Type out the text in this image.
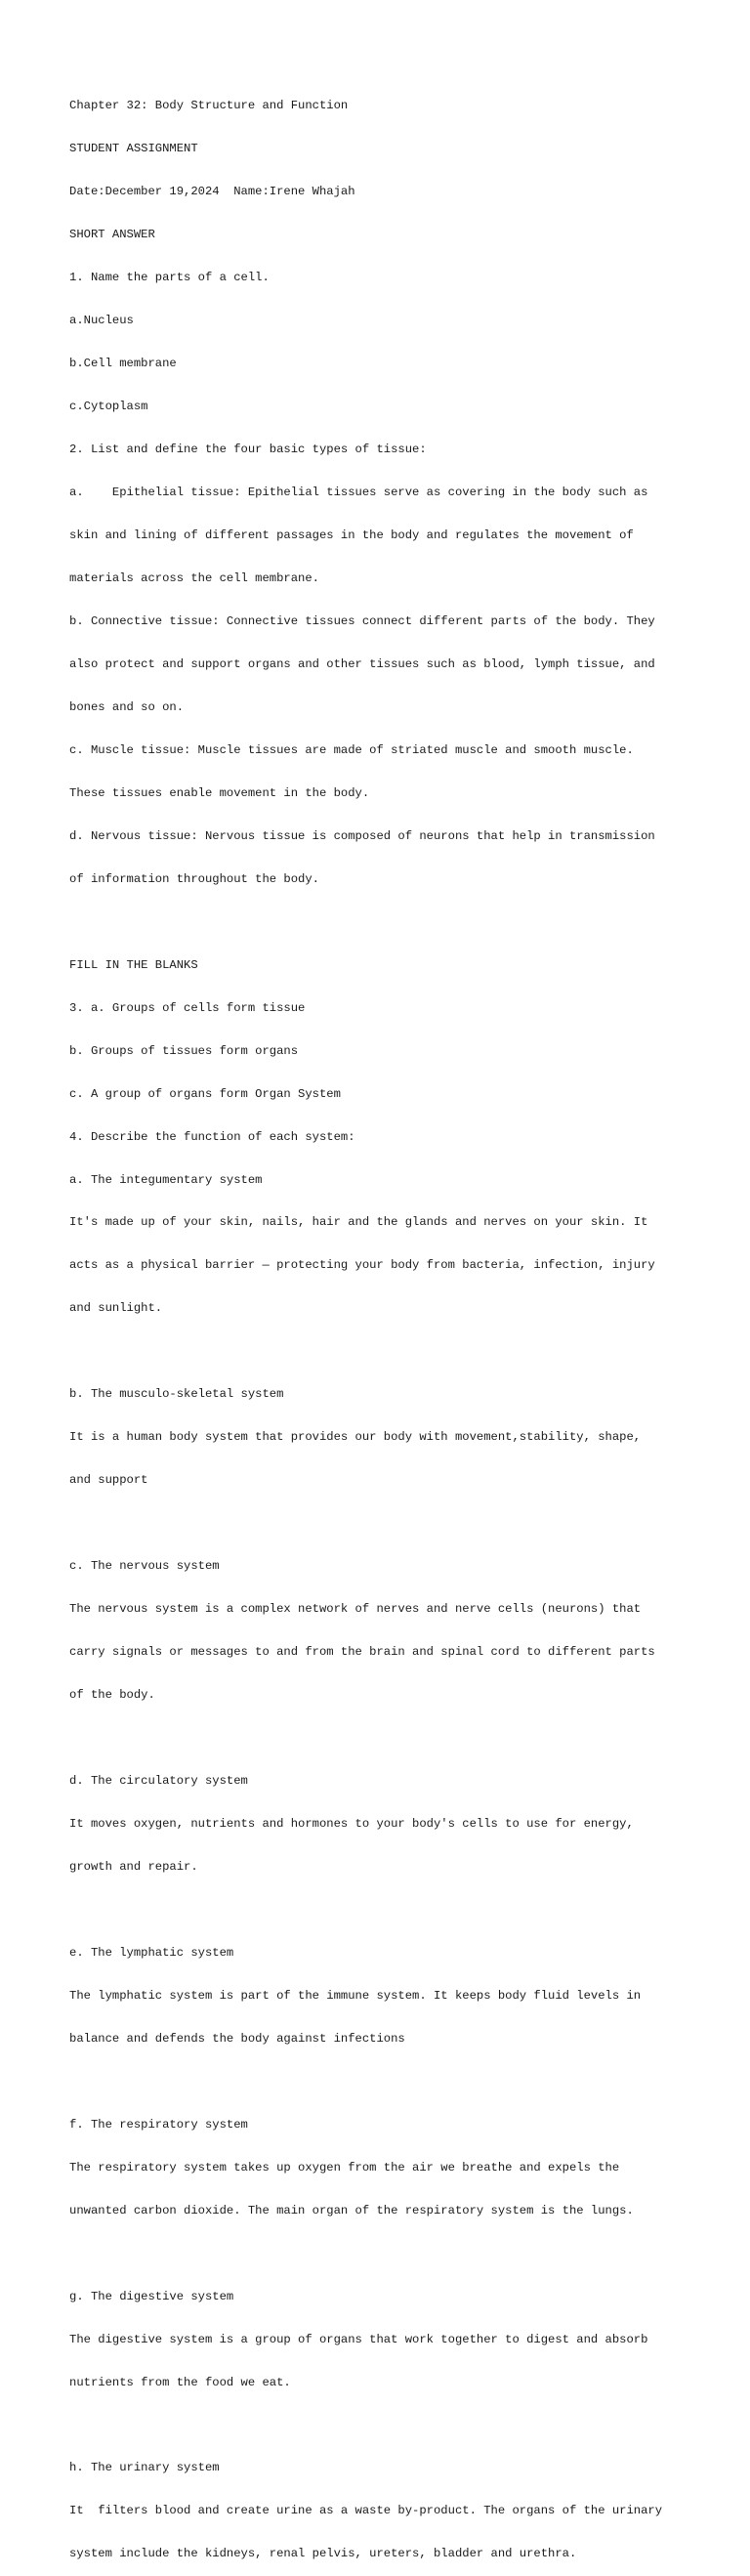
Chapter 32: Body Structure and Function

STUDENT ASSIGNMENT

Date:December 19,2024  Name:Irene Whajah

SHORT ANSWER

1. Name the parts of a cell.

a.Nucleus

b.Cell membrane

c.Cytoplasm

2. List and define the four basic types of tissue:

a.    Epithelial tissue: Epithelial tissues serve as covering in the body such as

skin and lining of different passages in the body and regulates the movement of

materials across the cell membrane.

b. Connective tissue: Connective tissues connect different parts of the body. They

also protect and support organs and other tissues such as blood, lymph tissue, and

bones and so on.

c. Muscle tissue: Muscle tissues are made of striated muscle and smooth muscle.

These tissues enable movement in the body.

d. Nervous tissue: Nervous tissue is composed of neurons that help in transmission

of information throughout the body.

FILL IN THE BLANKS

3. a. Groups of cells form tissue

b. Groups of tissues form organs

c. A group of organs form Organ System

4. Describe the function of each system:

a. The integumentary system

It's made up of your skin, nails, hair and the glands and nerves on your skin. It

acts as a physical barrier — protecting your body from bacteria, infection, injury

and sunlight.

b. The musculo-skeletal system

It is a human body system that provides our body with movement,stability, shape,

and support

c. The nervous system

The nervous system is a complex network of nerves and nerve cells (neurons) that

carry signals or messages to and from the brain and spinal cord to different parts

of the body.

d. The circulatory system

It moves oxygen, nutrients and hormones to your body's cells to use for energy,

growth and repair.

e. The lymphatic system

The lymphatic system is part of the immune system. It keeps body fluid levels in

balance and defends the body against infections

f. The respiratory system

The respiratory system takes up oxygen from the air we breathe and expels the

unwanted carbon dioxide. The main organ of the respiratory system is the lungs.

g. The digestive system

The digestive system is a group of organs that work together to digest and absorb

nutrients from the food we eat.

h. The urinary system

It  filters blood and create urine as a waste by-product. The organs of the urinary

system include the kidneys, renal pelvis, ureters, bladder and urethra.
